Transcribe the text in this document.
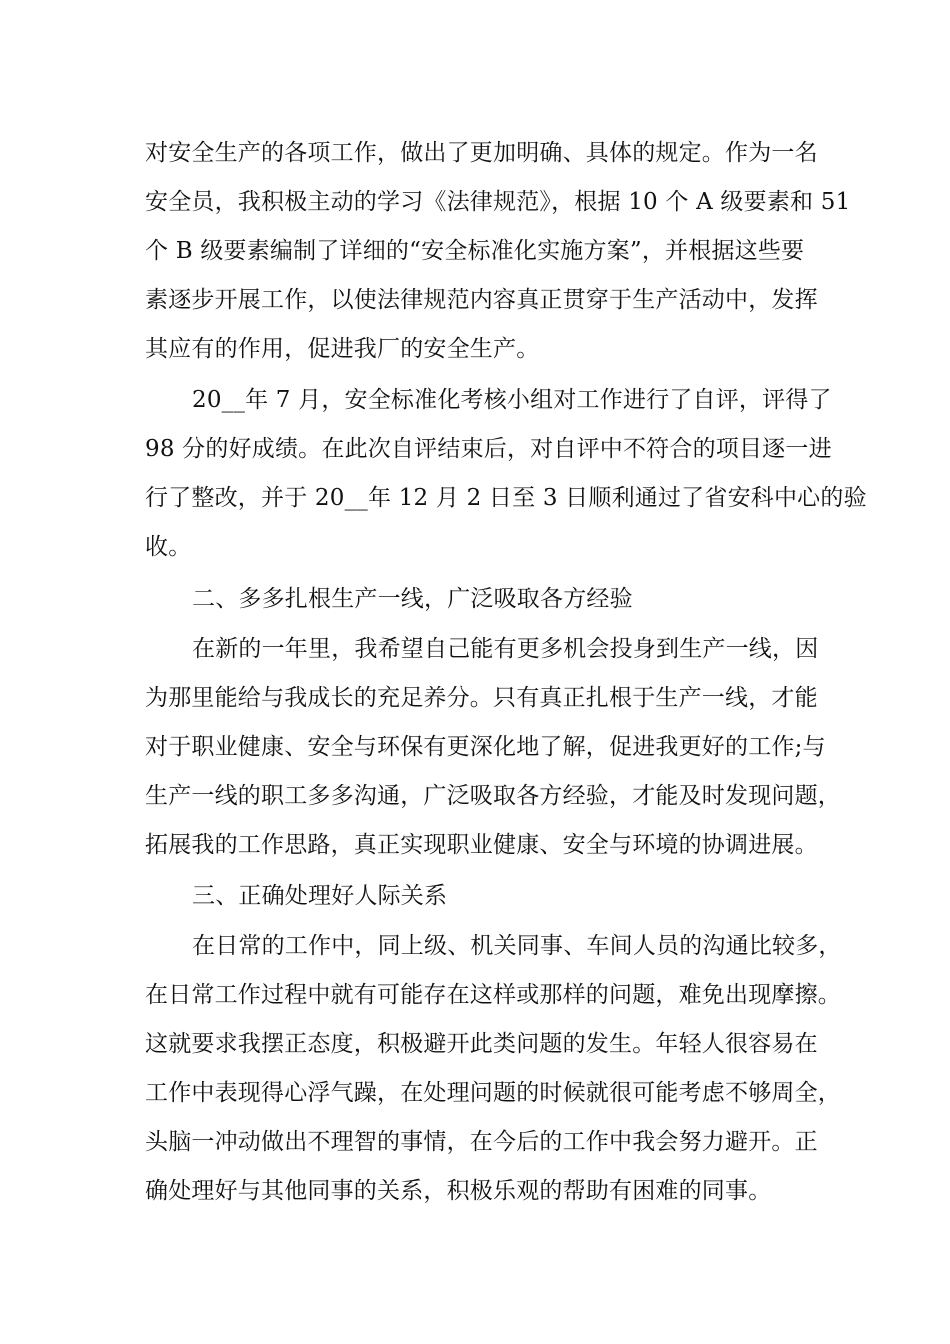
对安全生产的各项工作，做出了更加明确、具体的规定。作为一名
安全员，我积极主动的学习《法律规范》，根据 10 个 A 级要素和 51
个 B 级要素编制了详细的“安全标准化实施方案”，并根据这些要
素逐步开展工作，以使法律规范内容真正贯穿于生产活动中，发挥
其应有的作用，促进我厂的安全生产。
20__年 7 月，安全标准化考核小组对工作进行了自评，评得了
98 分的好成绩。在此次自评结束后，对自评中不符合的项目逐一进
行了整改，并于 20__年 12 月 2 日至 3 日顺利通过了省安科中心的验
收。
二、多多扎根生产一线，广泛吸取各方经验
在新的一年里，我希望自己能有更多机会投身到生产一线，因
为那里能给与我成长的充足养分。只有真正扎根于生产一线，才能
对于职业健康、安全与环保有更深化地了解，促进我更好的工作;与
生产一线的职工多多沟通，广泛吸取各方经验，才能及时发现问题，
拓展我的工作思路，真正实现职业健康、安全与环境的协调进展。
三、正确处理好人际关系
在日常的工作中，同上级、机关同事、车间人员的沟通比较多，
在日常工作过程中就有可能存在这样或那样的问题，难免出现摩擦。
这就要求我摆正态度，积极避开此类问题的发生。年轻人很容易在
工作中表现得心浮气躁，在处理问题的时候就很可能考虑不够周全，
头脑一冲动做出不理智的事情，在今后的工作中我会努力避开。正
确处理好与其他同事的关系，积极乐观的帮助有困难的同事。
